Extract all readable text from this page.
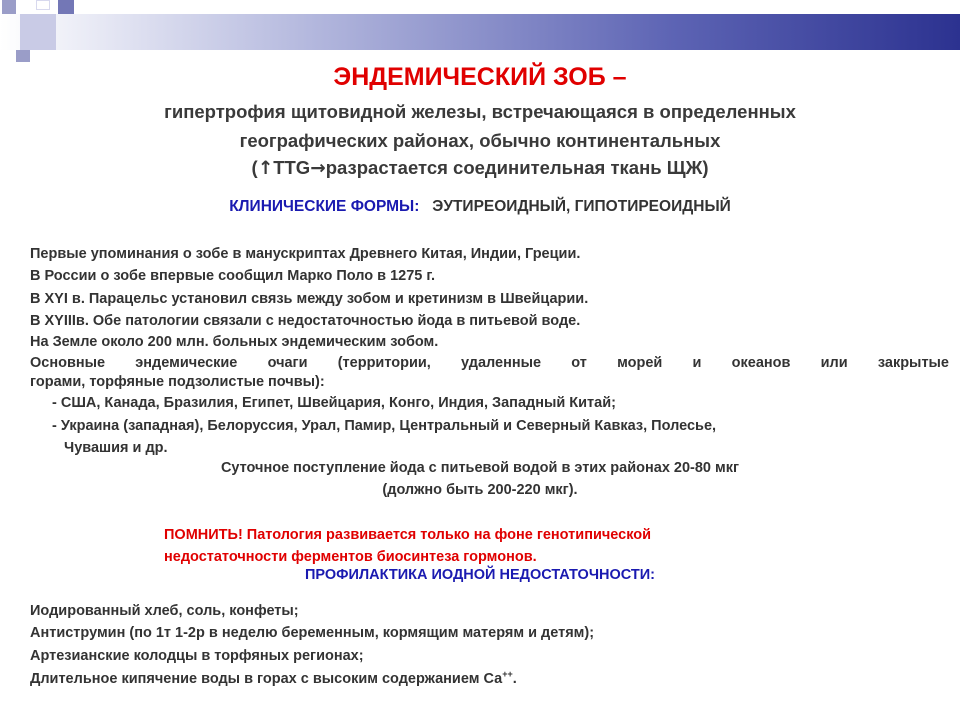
ЭНДЕМИЧЕСКИЙ ЗОБ –
гипертрофия щитовидной железы, встречающаяся в определенных
географических районах, обычно континентальных
(↑TTG→разрастается соединительная ткань ЩЖ)
КЛИНИЧЕСКИЕ ФОРМЫ: ЭУТИРЕОИДНЫЙ, ГИПОТИРЕОИДНЫЙ
Первые упоминания о зобе в манускриптах Древнего Китая, Индии, Греции.
В России о зобе впервые сообщил Марко Поло в 1275 г.
В XYI в. Парацельс установил связь между зобом и кретинизм в Швейцарии.
В XYIIIв. Обе патологии связали с недостаточностью йода в питьевой воде.
На Земле около 200 млн. больных эндемическим зобом.
Основные эндемические очаги (территории, удаленные от морей и океанов или закрытые
горами, торфяные подзолистые почвы):
- США, Канада, Бразилия, Египет, Швейцария, Конго, Индия, Западный Китай;
- Украина (западная), Белоруссия, Урал, Памир, Центральный и Северный Кавказ, Полесье,
Чувашия и др.
Суточное поступление йода с питьевой водой в этих районах 20-80 мкг
(должно быть 200-220 мкг).
ПОМНИТЬ! Патология развивается только на фоне генотипической
недостаточности ферментов биосинтеза гормонов.
ПРОФИЛАКТИКА ИОДНОЙ НЕДОСТАТОЧНОСТИ:
Иодированный хлеб, соль, конфеты;
Антиструмин (по 1т 1-2р в неделю беременным, кормящим матерям и детям);
Артезианские колодцы в торфяных регионах;
Длительное кипячение воды в горах с высоким содержанием Са++.
